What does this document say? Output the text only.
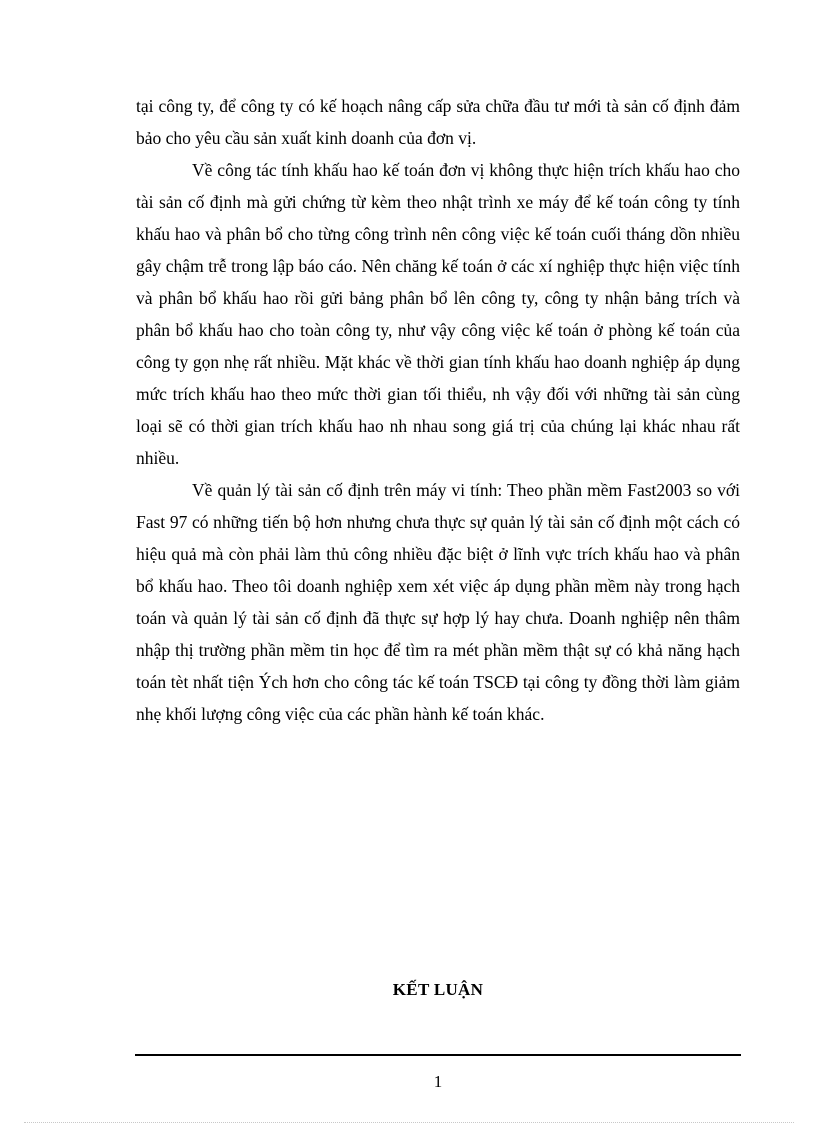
tại công ty, để công ty có kế hoạch nâng cấp sửa chữa đầu tư mới tà sản cố định đảm bảo cho yêu cầu sản xuất kinh doanh của đơn vị.

Về công tác tính khấu hao kế toán đơn vị không thực hiện trích khấu hao cho tài sản cố định mà gửi chứng từ kèm theo nhật trình xe máy để kế toán công ty tính khấu hao và phân bổ cho từng công trình nên công việc kế toán cuối tháng dồn nhiều gây chậm trễ trong lập báo cáo. Nên chăng kế toán ở các xí nghiệp thực hiện việc tính và phân bổ khấu hao rồi gửi bảng phân bổ lên công ty, công ty nhận bảng trích và phân bổ khấu hao cho toàn công ty, như vậy công việc kế toán ở phòng kế toán của công ty gọn nhẹ rất nhiều. Mặt khác về thời gian tính khấu hao doanh nghiệp áp dụng mức trích khấu hao theo mức thời gian tối thiểu, nh vậy đối với những tài sản cùng loại sẽ có thời gian trích khấu hao nh nhau song giá trị của chúng lại khác nhau rất nhiều.

Về quản lý tài sản cố định trên máy vi tính: Theo phần mềm Fast2003 so với Fast 97 có những tiến bộ hơn nhưng chưa thực sự quản lý tài sản cố định một cách có hiệu quả mà còn phải làm thủ công nhiều đặc biệt ở lĩnh vực trích khấu hao và phân bổ khấu hao. Theo tôi doanh nghiệp xem xét việc áp dụng phần mềm này trong hạch toán và quản lý tài sản cố định đã thực sự hợp lý hay chưa. Doanh nghiệp nên thâm nhập thị trường phần mềm tin học để tìm ra mét phần mềm thật sự có khả năng hạch toán tèt nhất tiện Ých hơn cho công tác kế toán TSCĐ tại công ty đồng thời làm giảm nhẹ khối lượng công việc của các phần hành kế toán khác.

KẾT LUẬN
1
